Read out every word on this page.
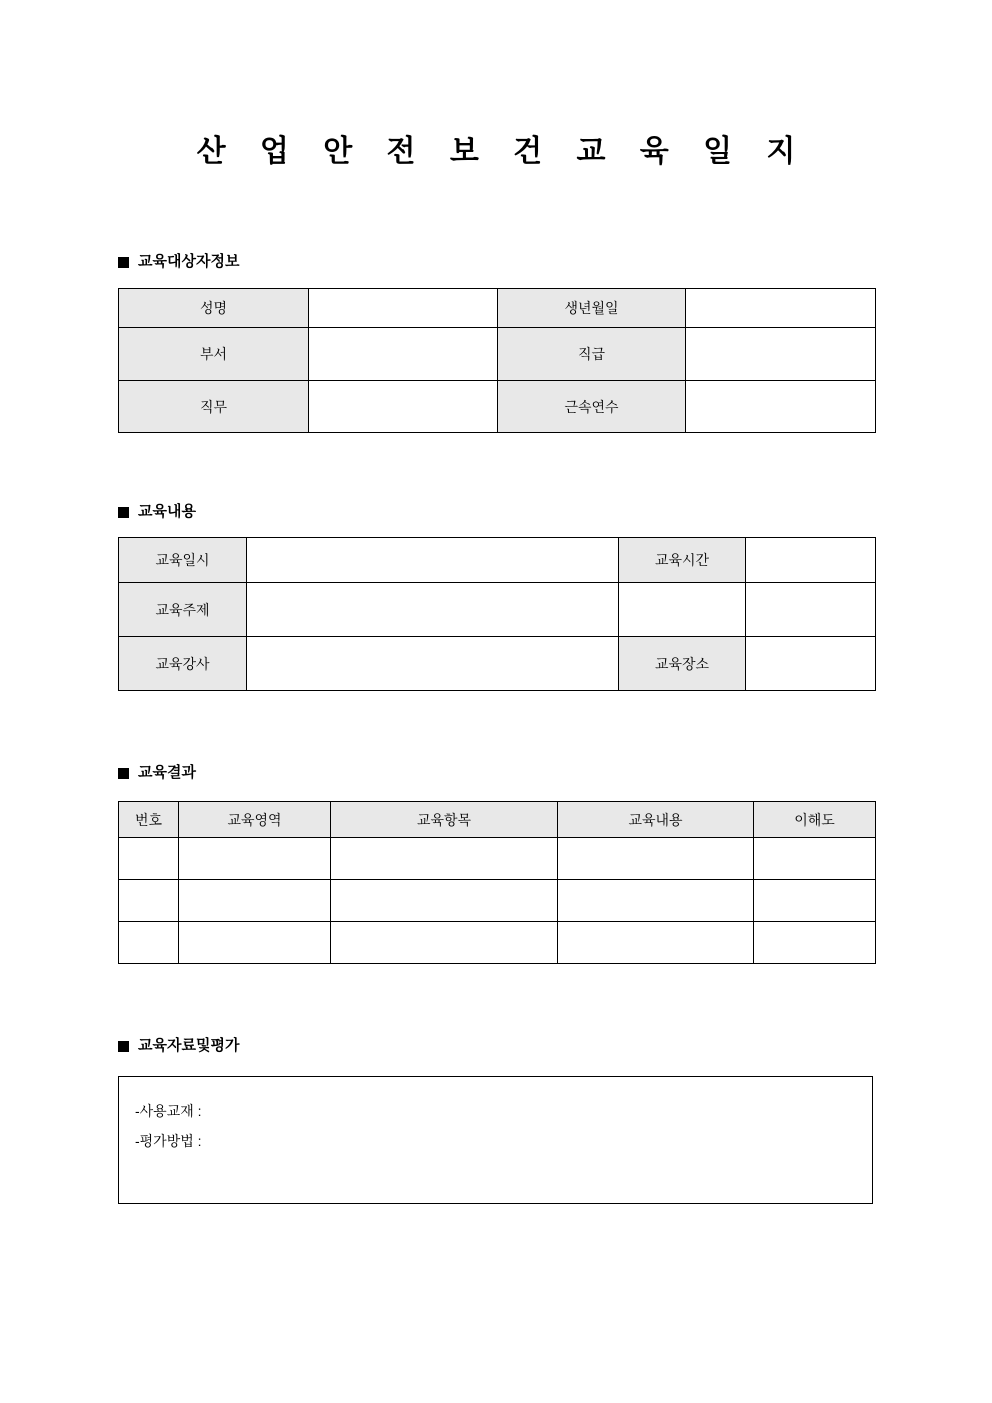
산 업 안 전 보 건 교 육 일 지
교육대상자정보
성명		생년월일	
부서		직급	
직무		근속연수	
교육내용
교육일시		교육시간	
교육주제			
교육강사		교육장소	
교육결과
번호	교육영역	교육항목	교육내용	이해도

교육자료및평가
-사용교재 :
-평가방법 :
